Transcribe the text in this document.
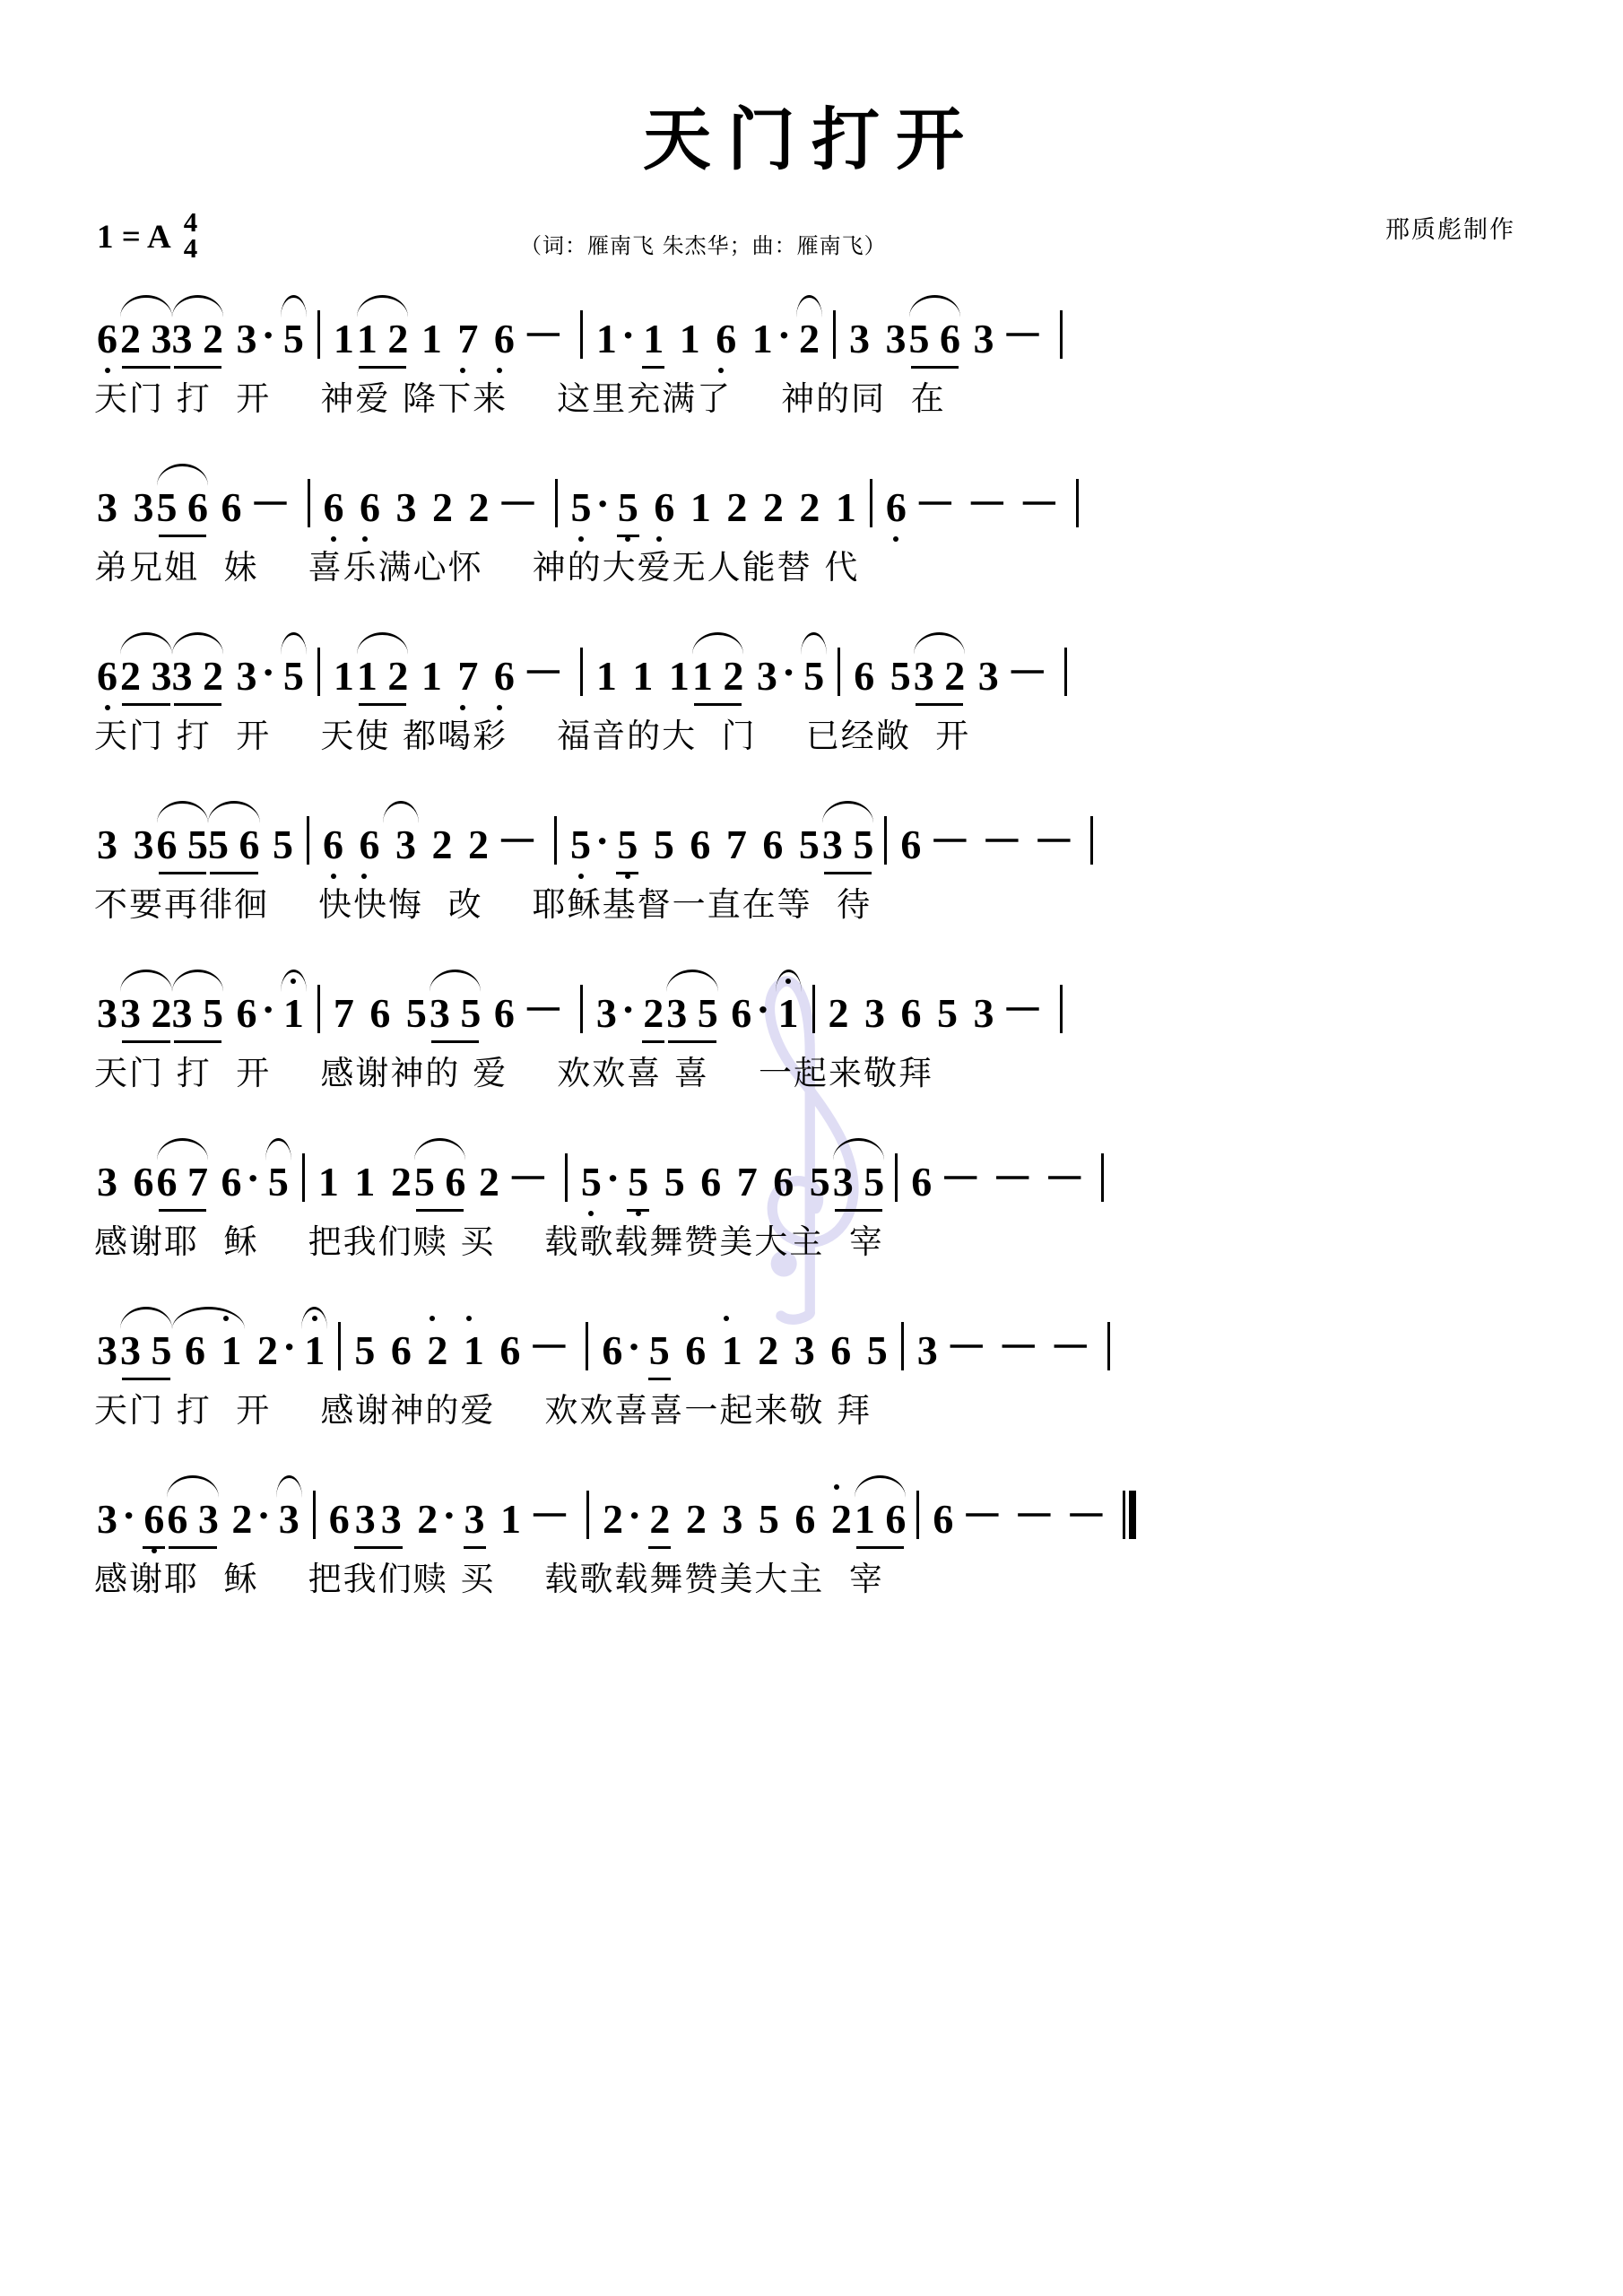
天门打开
1 = A 4
4	（词：雁南飞 朱杰华；曲：雁南飞）
邢质彪制作
6 2 3 3 2 3 · 5 1 1 2 1 7 6 － 1 · 1 1 6 1 · 2 3 3 5 6 3 －
天门 打  开    神爱 降下来    这里充满了    神的同  在
3 3 5 6 6 － 6 6 3 2 2 － 5 · 5 6 1 2 2 2 1 6 － － －
弟兄姐  妹    喜乐满心怀    神的大爱无人能替 代
6 2 3 3 2 3 · 5 1 1 2 1 7 6 － 1 1 1 1 2 3 · 5 6 5 3 2 3 －
天门 打  开    天使 都喝彩    福音的大  门    已经敞  开
3 3 6 5 5 6 5 6 6 3 2 2 － 5 · 5 5 6 7 6 5 3 5 6 － － －
不要再徘徊    快快悔  改    耶稣基督一直在等  待
3 3 2 3 5 6 · 1 7 6 5 3 5 6 － 3 · 2 3 5 6 · 1 2 3 6 5 3 －
天门 打  开    感谢神的 爱    欢欢喜 喜    一起来敬拜
3 6 6 7 6 · 5 1 1 2 5 6 2 － 5 · 5 5 6 7 6 5 3 5 6 － － －
感谢耶  稣    把我们赎 买    载歌载舞赞美大主  宰
3 3 5 6 1 2 · 1 5 6 2 1 6 － 6 · 5 6 1 2 3 6 5 3 － － －
天门 打  开    感谢神的爱    欢欢喜喜一起来敬 拜
3 · 6 6 3 2 · 3 6 3 3 2 · 3 1 － 2 · 2 2 3 5 6 2 1 6 6 － － －
感谢耶  稣    把我们赎 买    载歌载舞赞美大主  宰
